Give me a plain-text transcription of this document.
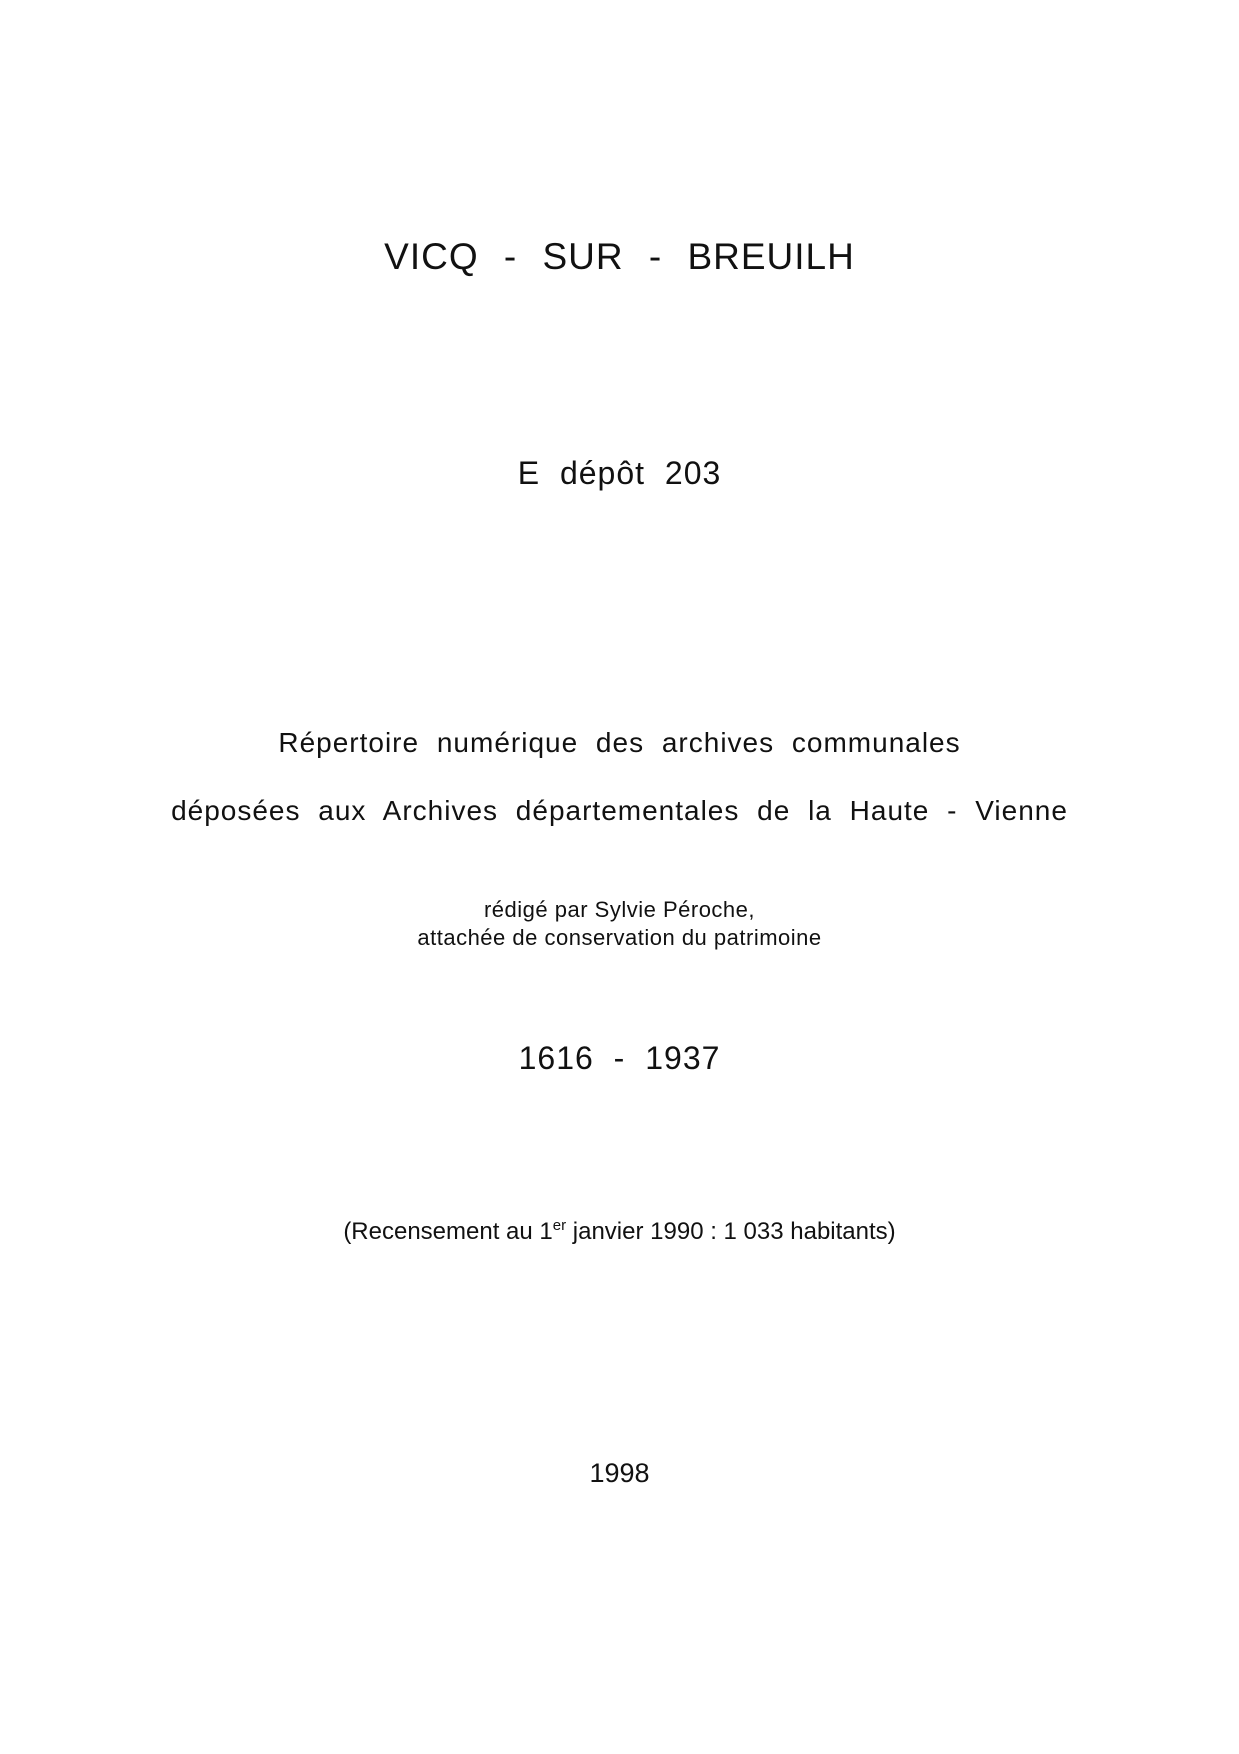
VICQ - SUR - BREUILH
E dépôt 203
Répertoire numérique des archives communales
déposées aux Archives départementales de la Haute - Vienne
rédigé par Sylvie Péroche,
attachée de conservation du patrimoine
1616 - 1937
(Recensement au 1er janvier 1990 : 1 033 habitants)
1998
